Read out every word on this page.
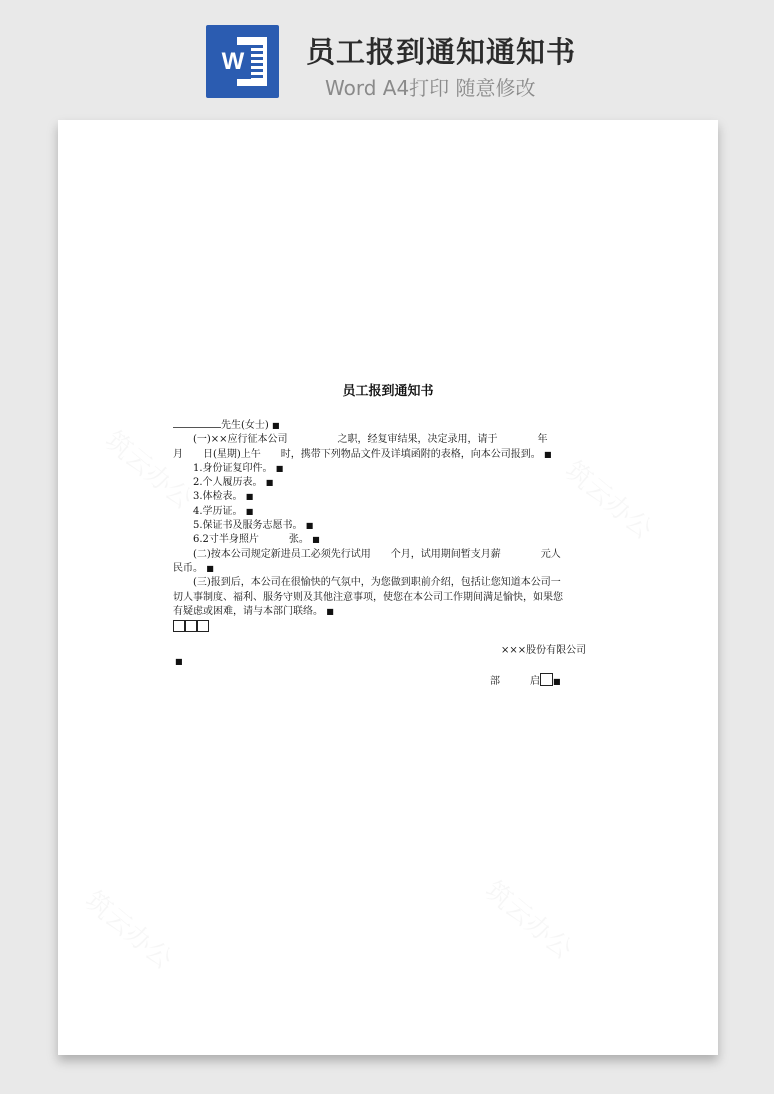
W 员工报到通知通知书
Word A4打印 随意修改
员工报到通知书

先生(女士) ■

(一)××应行征本公司　　　　　之职，经复审结果，决定录用，请于　　　　年

月　　日(星期)上午　　时，携带下列物品文件及详填函附的表格，向本公司报到。 ■

1.身份证复印件。 ■

2.个人履历表。 ■

3.体检表。 ■

4.学历证。 ■

5.保证书及服务志愿书。 ■

6.2寸半身照片　　　张。 ■

(二)按本公司规定新进员工必须先行试用　　个月，试用期间暂支月薪　　　　元人

民币。 ■

(三)报到后，本公司在很愉快的气氛中，为您做到职前介绍，包括让您知道本公司一

切人事制度、福利、服务守则及其他注意事项，使您在本公司工作期间满足愉快，如果您

有疑虑或困难，请与本部门联络。 ■

×××股份有限公司
■
部　　　启 ■
